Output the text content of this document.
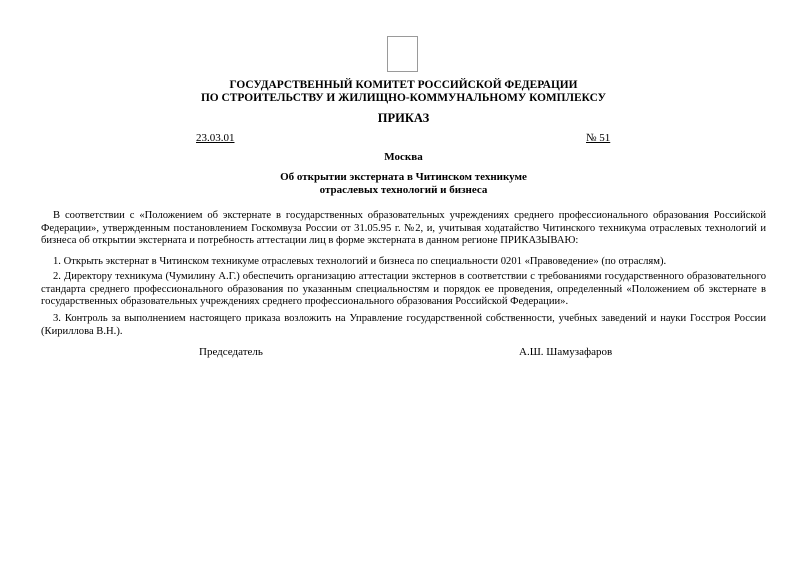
ГОСУДАРСТВЕННЫЙ КОМИТЕТ РОССИЙСКОЙ ФЕДЕРАЦИИ
ПО СТРОИТЕЛЬСТВУ И ЖИЛИЩНО-КОММУНАЛЬНОМУ КОМПЛЕКСУ
ПРИКАЗ
23.03.01	№ 51
Москва
Об открытии экстерната в Читинском техникуме
отраслевых технологий и бизнеса
В соответствии с «Положением об экстернате в государственных образовательных учреждениях среднего профессионального образования Российской Федерации», утвержденным постановлением Госкомвуза России от 31.05.95 г. №2, и, учитывая ходатайство Читинского техникума отраслевых технологий и бизнеса об открытии экстерната и потребность аттестации лиц в форме экстерната в данном регионе ПРИКАЗЫВАЮ:
1. Открыть экстернат в Читинском техникуме отраслевых технологий и бизнеса по специальности 0201 «Правоведение» (по отраслям).
2. Директору техникума (Чумилину А.Г.) обеспечить организацию аттестации экстернов в соответствии с требованиями государственного образовательного стандарта среднего профессионального образования по указанным специальностям и порядок ее проведения, определенный «Положением об экстернате в государственных образовательных учреждениях среднего профессионального образования Российской Федерации».
3. Контроль за выполнением настоящего приказа возложить на Управление государственной собственности, учебных заведений и науки Госстроя России (Кириллова В.Н.).
Председатель	А.Ш. Шамузафаров
